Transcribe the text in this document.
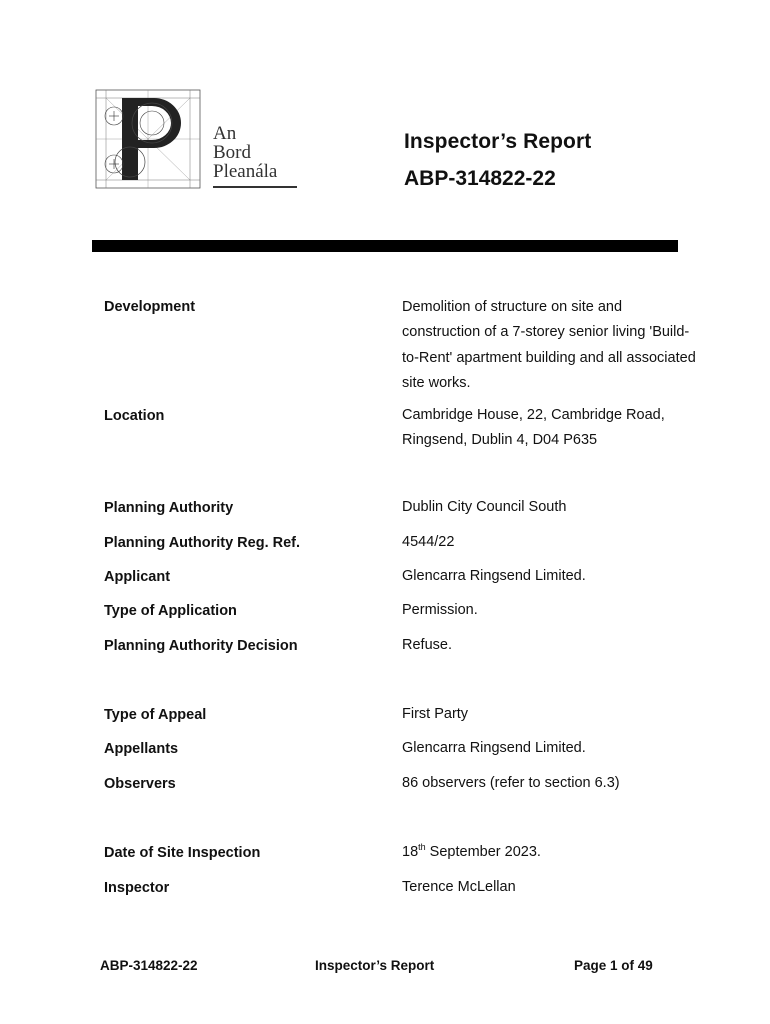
An
Bord
Pleanála
Inspector’s Report
ABP-314822-22
Development	Demolition of structure on site and construction of a 7-storey senior living 'Build-to-Rent' apartment building and all associated site works.
Location	Cambridge House, 22, Cambridge Road, Ringsend, Dublin 4, D04 P635
Planning Authority	Dublin City Council South
Planning Authority Reg. Ref.	4544/22
Applicant	Glencarra Ringsend Limited.
Type of Application	Permission.
Planning Authority Decision	Refuse.
Type of Appeal	First Party
Appellants	Glencarra Ringsend Limited.
Observers	86 observers (refer to section 6.3)
Date of Site Inspection	18th September 2023.
Inspector	Terence McLellan
ABP-314822-22	Inspector’s Report	Page 1 of 49
